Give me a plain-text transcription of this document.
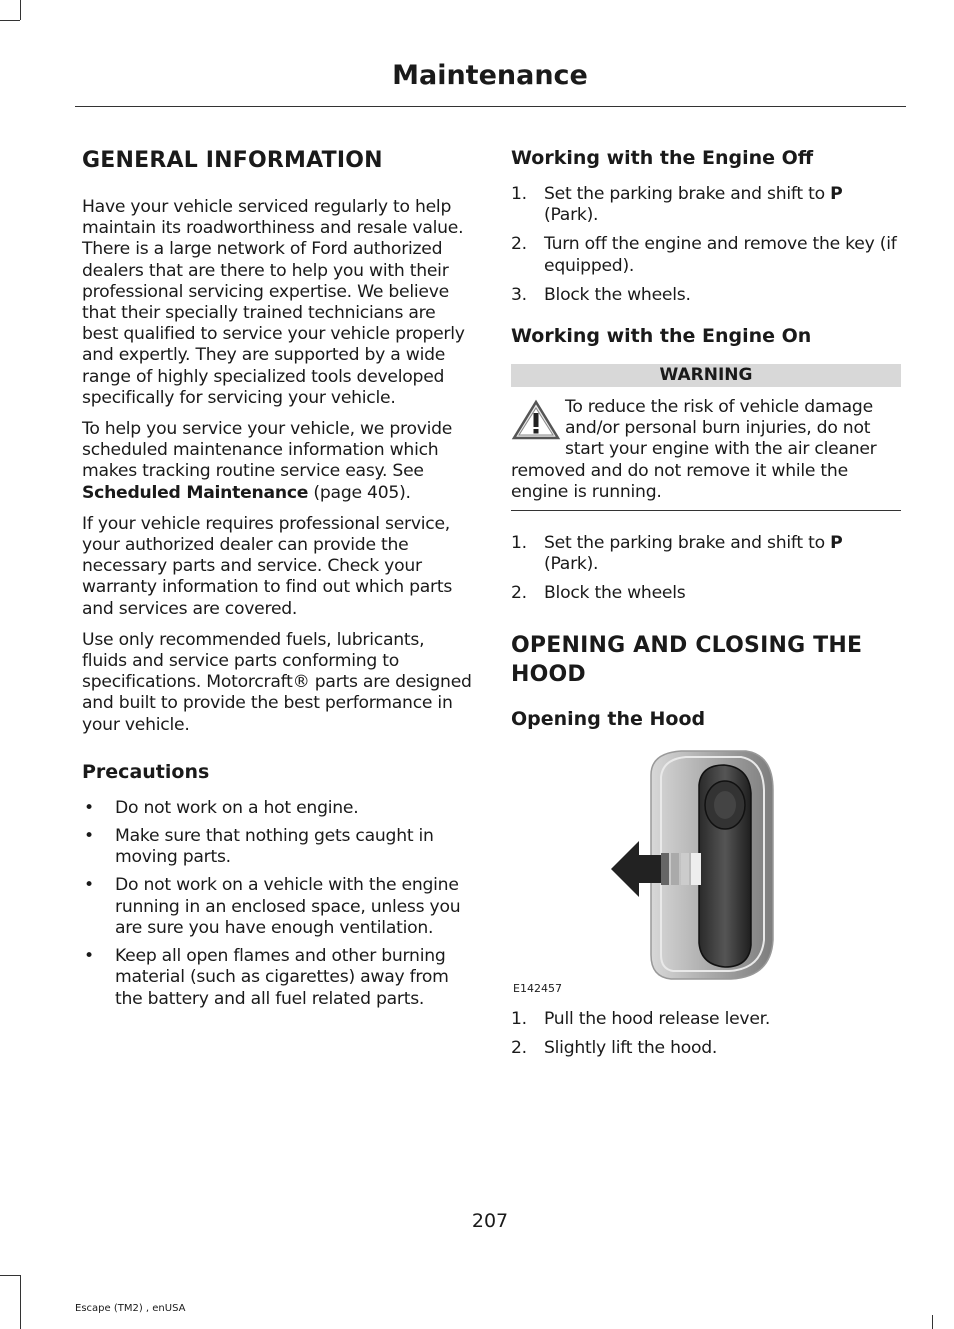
Maintenance
GENERAL INFORMATION

Have your vehicle serviced regularly to help maintain its roadworthiness and resale value. There is a large network of Ford authorized dealers that are there to help you with their professional servicing expertise. We believe that their specially trained technicians are best qualified to service your vehicle properly and expertly. They are supported by a wide range of highly specialized tools developed specifically for servicing your vehicle.

To help you service your vehicle, we provide scheduled maintenance information which makes tracking routine service easy. See Scheduled Maintenance (page 405).

If your vehicle requires professional service, your authorized dealer can provide the necessary parts and service. Check your warranty information to find out which parts and services are covered.

Use only recommended fuels, lubricants, fluids and service parts conforming to specifications. Motorcraft® parts are designed and built to provide the best performance in your vehicle.

Precautions
• Do not work on a hot engine.
• Make sure that nothing gets caught in moving parts.
• Do not work on a vehicle with the engine running in an enclosed space, unless you are sure you have enough ventilation.
• Keep all open flames and other burning material (such as cigarettes) away from the battery and all fuel related parts.
Working with the Engine Off
1. Set the parking brake and shift to P (Park).
2. Turn off the engine and remove the key (if equipped).
3. Block the wheels.
Working with the Engine On
WARNING
To reduce the risk of vehicle damage and/or personal burn injuries, do not start your engine with the air cleaner removed and do not remove it while the engine is running.
1. Set the parking brake and shift to P (Park).
2. Block the wheels
OPENING AND CLOSING THE HOOD
Opening the Hood
E142457
1. Pull the hood release lever.
2. Slightly lift the hood.
207
Escape (TM2) , enUSA
